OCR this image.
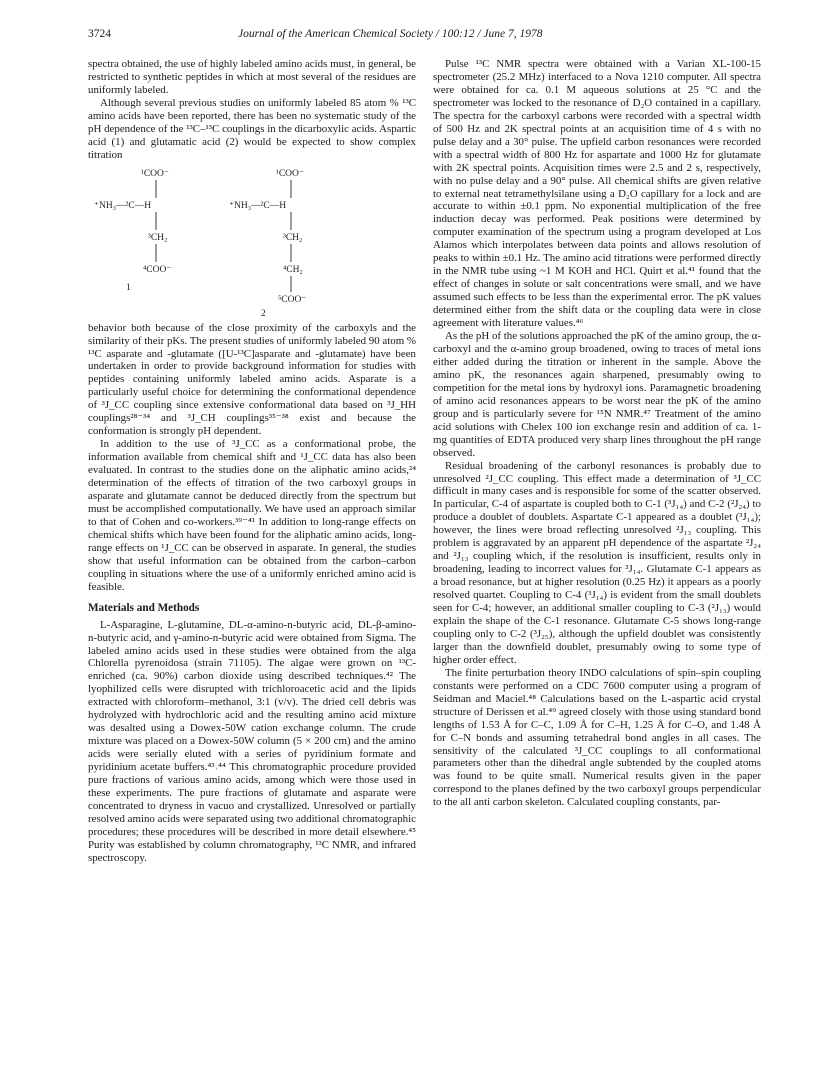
3724	Journal of the American Chemical Society / 100:12 / June 7, 1978

spectra obtained, the use of highly labeled amino acids must, in general, be restricted to synthetic peptides in which at most several of the residues are uniformly labeled.

Although several previous studies on uniformly labeled 85 atom % ¹³C amino acids have been reported, there has been no systematic study of the pH dependence of the ¹³C–¹³C couplings in the dicarboxylic acids. Aspartic acid (1) and glutamatic acid (2) would be expected to show complex titration

¹COO⁻
⁺NH₃—²C—H
³CH₂
⁴COO⁻
1
¹COO⁻
⁺NH₃—²C—H
³CH₂
⁴CH₂
⁵COO⁻
2

behavior both because of the close proximity of the carboxyls and the similarity of their pKs. The present studies of uniformly labeled 90 atom % ¹³C asparate and -glutamate ([U-¹³C]asparate and -glutamate) have been undertaken in order to provide background information for studies with peptides containing uniformly labeled amino acids. Asparate is a particularly useful choice for determining the conformational dependence of ³J_CC coupling since extensive conformational data based on ³J_HH couplings²⁸⁻³⁴ and ³J_CH couplings³⁵⁻³⁸ exist and because the conformation is strongly pH dependent.

In addition to the use of ³J_CC as a conformational probe, the information available from chemical shift and ¹J_CC data has also been evaluated. In contrast to the studies done on the aliphatic amino acids,²⁴ determination of the effects of titration of the two carboxyl groups in asparate and glutamate cannot be deduced directly from the spectrum but must be accomplished computationally. We have used an approach similar to that of Cohen and co-workers.³⁹⁻⁴¹ In addition to long-range effects on chemical shifts which have been found for the aliphatic amino acids, long-range effects on ¹J_CC can be observed in asparate. In general, the studies show that useful information can be obtained from the carbon–carbon coupling in situations where the use of a uniformly enriched amino acid is feasible.

Materials and Methods

L-Asparagine, L-glutamine, DL-α-amino-n-butyric acid, DL-β-amino-n-butyric acid, and γ-amino-n-butyric acid were obtained from Sigma. The labeled amino acids used in these studies were obtained from the alga Chlorella pyrenoidosa (strain 71105). The algae were grown on ¹³C-enriched (ca. 90%) carbon dioxide using described techniques.⁴² The lyophilized cells were disrupted with trichloroacetic acid and the lipids extracted with chloroform–methanol, 3:1 (v/v). The dried cell debris was hydrolyzed with hydrochloric acid and the resulting amino acid mixture was desalted using a Dowex-50W cation exchange column. The crude mixture was placed on a Dowex-50W column (5 × 200 cm) and the amino acids were serially eluted with a series of pyridinium formate and pyridinium acetate buffers.⁴³˒⁴⁴ This chromatographic procedure provided pure fractions of various amino acids, among which were those used in these experiments. The pure fractions of glutamate and asparate were concentrated to dryness in vacuo and crystallized. Unresolved or partially resolved amino acids were separated using two additional chromatographic procedures; these procedures will be described in more detail elsewhere.⁴⁵ Purity was established by column chromatography, ¹³C NMR, and infrared spectroscopy.

Pulse ¹³C NMR spectra were obtained with a Varian XL-100-15 spectrometer (25.2 MHz) interfaced to a Nova 1210 computer. All spectra were obtained for ca. 0.1 M aqueous solutions at 25 °C and the spectrometer was locked to the resonance of D₂O contained in a capillary. The spectra for the carboxyl carbons were recorded with a spectral width of 500 Hz and 2K spectral points at an acquisition time of 4 s with no pulse delay and a 30° pulse. The upfield carbon resonances were recorded with a spectral width of 800 Hz for aspartate and 1000 Hz for glutamate with 2K spectral points. Acquisition times were 2.5 and 2 s, respectively, with no pulse delay and a 90° pulse. All chemical shifts are given relative to external neat tetramethylsilane using a D₂O capillary for a lock and are accurate to within ±0.1 ppm. No exponential multiplication of the free induction decay was performed. Peak positions were determined by computer examination of the spectrum using a program developed at Los Alamos which interpolates between data points and allows resolution of peaks to within ±0.1 Hz. The amino acid titrations were performed directly in the NMR tube using ~1 M KOH and HCl. Quirt et al.⁴¹ found that the effect of changes in solute or salt concentrations were small, and we have assumed such effects to be less than the experimental error. The pK values determined either from the shift data or the coupling data were in close agreement with literature values.⁴⁶

As the pH of the solutions approached the pK of the amino group, the α-carboxyl and the α-amino group broadened, owing to traces of metal ions either added during the titration or inherent in the sample. Above the amino pK, the resonances again sharpened, presumably owing to competition for the metal ions by hydroxyl ions. Paramagnetic broadening of amino acid resonances appears to be worst near the pK of the amino group and is particularly severe for ¹⁵N NMR.⁴⁷ Treatment of the amino acid solutions with Chelex 100 ion exchange resin and addition of ca. 1-mg quantities of EDTA produced very sharp lines throughout the pH range observed.

Residual broadening of the carbonyl resonances is probably due to unresolved ²J_CC coupling. This effect made a determination of ³J_CC difficult in many cases and is responsible for some of the scatter observed. In particular, C-4 of aspartate is coupled both to C-1 (³J₁₄) and C-2 (²J₂₄) to produce a doublet of doublets. Aspartate C-1 appeared as a doublet (³J₁₄); however, the lines were broad reflecting unresolved ²J₁₃ coupling. This problem is aggravated by an apparent pH dependence of the aspartate ²J₂₄ and ²J₁₃ coupling which, if the resolution is insufficient, results only in broadening, leading to incorrect values for ³J₁₄. Glutamate C-1 appears as a broad resonance, but at higher resolution (0.25 Hz) it appears as a poorly resolved quartet. Coupling to C-4 (³J₁₄) is evident from the small doublets seen for C-4; however, an additional smaller coupling to C-3 (²J₁₃) would explain the shape of the C-1 resonance. Glutamate C-5 shows long-range coupling only to C-2 (³J₂₅), although the upfield doublet was consistently larger than the downfield doublet, presumably owing to some type of higher order effect.

The finite perturbation theory INDO calculations of spin–spin coupling constants were performed on a CDC 7600 computer using a program of Seidman and Maciel.⁴⁸ Calculations based on the L-aspartic acid crystal structure of Derissen et al.⁴⁹ agreed closely with those using standard bond lengths of 1.53 Å for C–C, 1.09 Å for C–H, 1.25 Å for C–O, and 1.48 Å for C–N bonds and assuming tetrahedral bond angles in all cases. The sensitivity of the calculated ³J_CC couplings to all conformational parameters other than the dihedral angle subtended by the coupled atoms was found to be quite small. Numerical results given in the paper correspond to the planes defined by the two carboxyl groups perpendicular to the all anti carbon skeleton. Calculated coupling constants, par-
